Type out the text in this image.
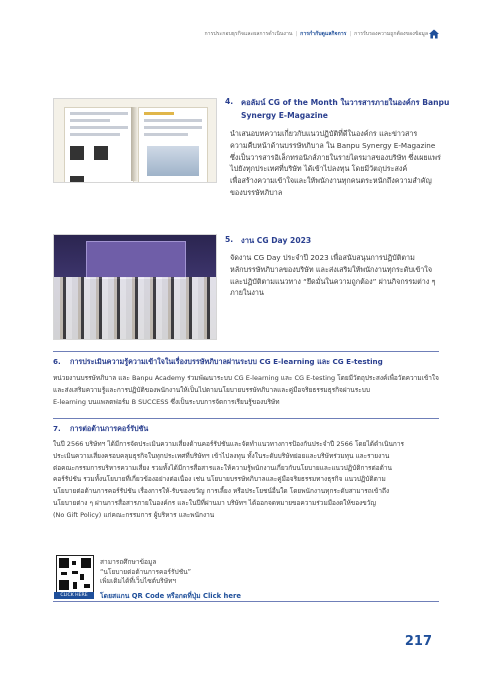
การประกอบธุรกิจและผลการดำเนินงาน | การกำกับดูแลกิจการ | การรับรองความถูกต้องของข้อมูล
4. คอลัมน์ CG of the Month ในวารสารภายในองค์กร Banpu
Synergy E-Magazine
นำเสนอบทความเกี่ยวกับแนวปฏิบัติที่ดีในองค์กร และข่าวสาร
ความคืบหน้าด้านบรรษัทภิบาล ใน Banpu Synergy E-Magazine
ซึ่งเป็นวารสารอิเล็กทรอนิกส์ภายในรายไตรมาสของบริษัท ซึ่งเผยแพร่
ไปยังทุกประเทศที่บริษัท ได้เข้าไปลงทุน โดยมีวัตถุประสงค์
เพื่อสร้างความเข้าใจและให้พนักงานทุกคนตระหนักถึงความสำคัญ
ของบรรษัทภิบาล
5. งาน CG Day 2023
จัดงาน CG Day ประจำปี 2023 เพื่อสนับสนุนการปฏิบัติตาม
หลักบรรษัทภิบาลของบริษัท และส่งเสริมให้พนักงานทุกระดับเข้าใจ
และปฏิบัติตามแนวทาง “ยึดมั่นในความถูกต้อง” ผ่านกิจกรรมต่าง ๆ
ภายในงาน
6. การประเมินความรู้ความเข้าใจในเรื่องบรรษัทภิบาลผ่านระบบ CG E-learning และ CG E-testing
หน่วยงานบรรษัทภิบาล และ Banpu Academy ร่วมพัฒนาระบบ CG E-learning และ CG E-testing โดยมีวัตถุประสงค์เพื่อวัดความเข้าใจ
และส่งเสริมความรู้และการปฏิบัติของพนักงานให้เป็นไปตามนโยบายบรรษัทภิบาลและคู่มือจริยธรรมธุรกิจผ่านระบบ
E-learning บนแพลตฟอร์ม B SUCCESS ซึ่งเป็นระบบการจัดการเรียนรู้ของบริษัท
7. การต่อต้านการคอร์รัปชัน
ในปี 2566 บริษัทฯ ได้มีการจัดประเมินความเสี่ยงด้านคอร์รัปชันและจัดทำแนวทางการป้องกันประจำปี 2566 โดยได้ดำเนินการ
ประเมินความเสี่ยงครอบคลุมธุรกิจในทุกประเทศที่บริษัทฯ เข้าไปลงทุน ทั้งในระดับบริษัทย่อยและบริษัทร่วมทุน และรายงาน
ต่อคณะกรรมการบริหารความเสี่ยง รวมทั้งได้มีการสื่อสารและให้ความรู้พนักงานเกี่ยวกับนโยบายและแนวปฏิบัติการต่อต้าน
คอร์รัปชัน รวมทั้งนโยบายที่เกี่ยวข้องอย่างต่อเนื่อง เช่น นโยบายบรรษัทภิบาลและคู่มือจริยธรรมทางธุรกิจ แนวปฏิบัติตาม
นโยบายต่อต้านการคอร์รัปชัน เรื่องการให้-รับของขวัญ การเลี้ยง หรือประโยชน์อื่นใด โดยพนักงานทุกระดับสามารถเข้าถึง
นโยบายต่าง ๆ ผ่านการสื่อสารภายในองค์กร และในปีที่ผ่านมา บริษัทฯ ได้ออกจดหมายขอความร่วมมืองดให้ของขวัญ
(No Gift Policy) แก่คณะกรรมการ ผู้บริหาร และพนักงาน
CLICK HERE
สามารถศึกษาข้อมูล
“นโยบายต่อต้านการคอร์รัปชัน”
เพิ่มเติมได้ที่เว็บไซต์บริษัทฯ
โดยสแกน QR Code หรือกดที่ปุ่ม Click here
217
